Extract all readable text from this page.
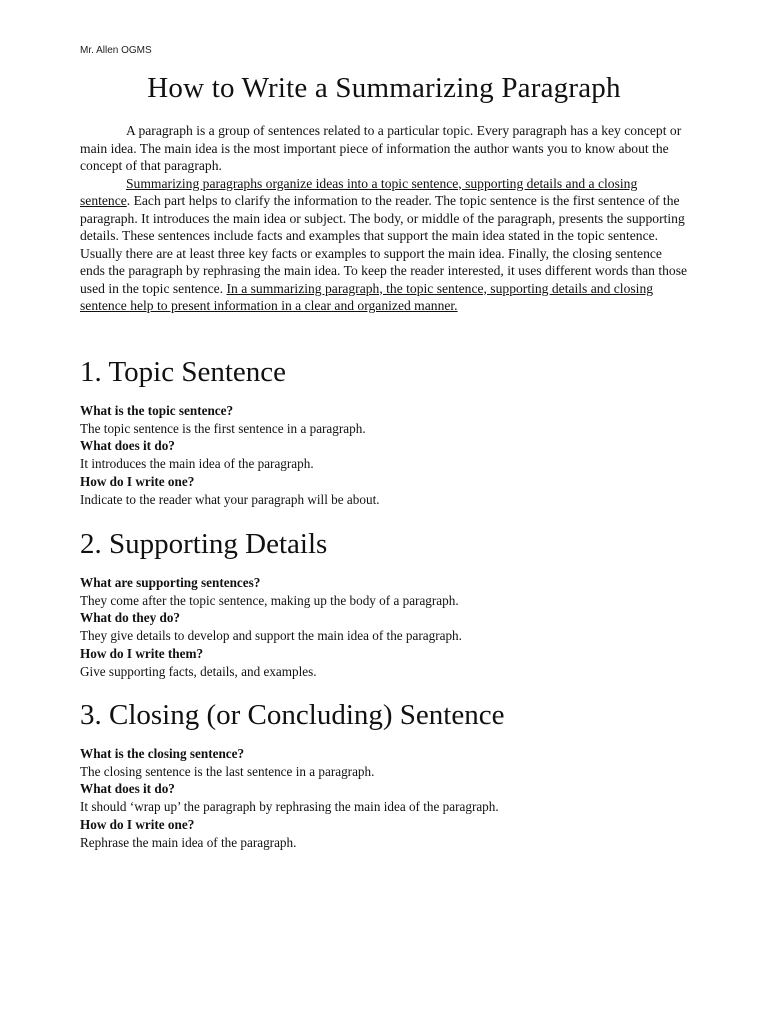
Mr. Allen OGMS
How to Write a Summarizing Paragraph

A paragraph is a group of sentences related to a particular topic. Every paragraph has a key concept or main idea. The main idea is the most important piece of information the author wants you to know about the concept of that paragraph.

Summarizing paragraphs organize ideas into a topic sentence, supporting details and a closing sentence. Each part helps to clarify the information to the reader. The topic sentence is the first sentence of the paragraph. It introduces the main idea or subject. The body, or middle of the paragraph, presents the supporting details. These sentences include facts and examples that support the main idea stated in the topic sentence. Usually there are at least three key facts or examples to support the main idea. Finally, the closing sentence ends the paragraph by rephrasing the main idea. To keep the reader interested, it uses different words than those used in the topic sentence. In a summarizing paragraph, the topic sentence, supporting details and closing sentence help to present information in a clear and organized manner.

1. Topic Sentence
What is the topic sentence?
The topic sentence is the first sentence in a paragraph.
What does it do?
It introduces the main idea of the paragraph.
How do I write one?
Indicate to the reader what your paragraph will be about.
2. Supporting Details
What are supporting sentences?
They come after the topic sentence, making up the body of a paragraph.
What do they do?
They give details to develop and support the main idea of the paragraph.
How do I write them?
Give supporting facts, details, and examples.
3. Closing (or Concluding) Sentence
What is the closing sentence?
The closing sentence is the last sentence in a paragraph.
What does it do?
It should ‘wrap up’ the paragraph by rephrasing the main idea of the paragraph.
How do I write one?
Rephrase the main idea of the paragraph.
